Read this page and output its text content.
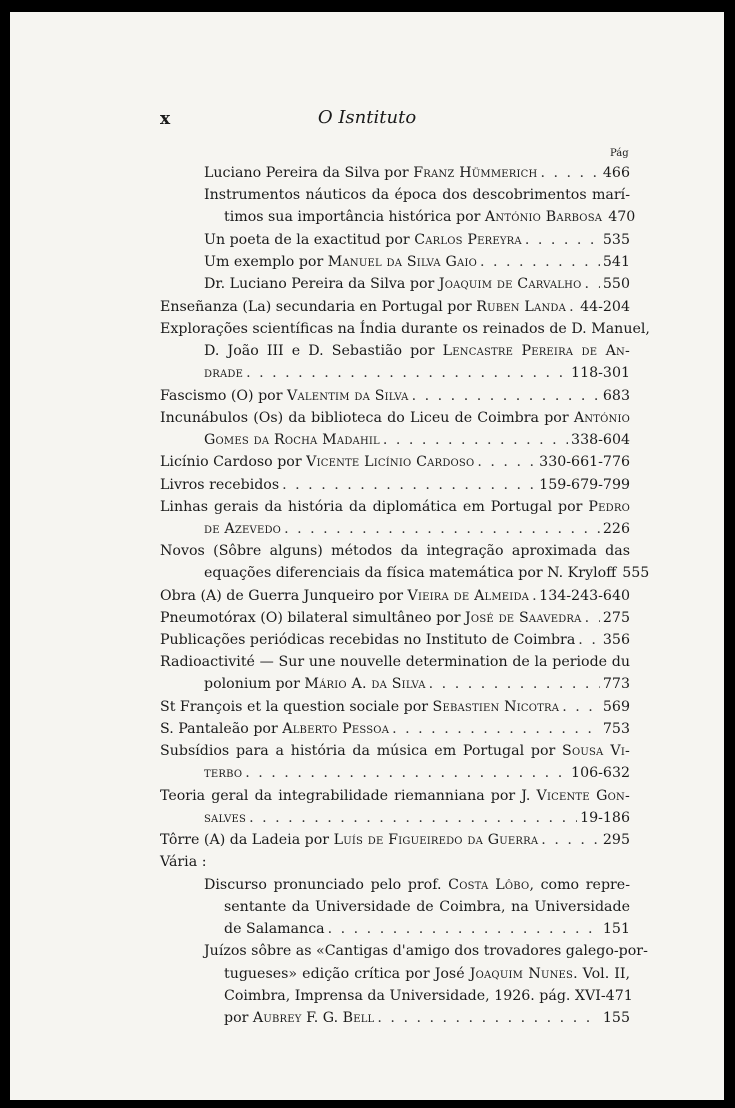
x	O Isntituto
Pág
Luciano Pereira da Silva por Franz Hümmerich . . .	466
Instrumentos náuticos da época dos descobrimentos marí-
timos sua importância histórica por António Barbosa 470
Un poeta de la exactitud por Carlos Pereyra . . .	535
Um exemplo por Manuel da Silva Gaio . . .	541
Dr. Luciano Pereira da Silva por Joaquim de Carvalho . . . 550
Enseñanza (La) secundaria en Portugal por Ruben Landa . . . 44-204
Explorações scientíficas na Índia durante os reinados de D. Manuel,
D. João III e D. Sebastião por Lencastre Pereira de An-
drade . . .	118-301
Fascismo (O) por Valentim da Silva . . .	683
Incunábulos (Os) da biblioteca do Liceu de Coimbra por António
Gomes da Rocha Madahil . . .	338-604
Licínio Cardoso por Vicente Licínio Cardoso . . .	330-661-776
Livros recebidos . . .	159-679-799
Linhas gerais da história da diplomática em Portugal por Pedro
de Azevedo . . .	226
Novos (Sôbre alguns) métodos da integração aproximada das
equações diferenciais da física matemática por N. Kryloff 555
Obra (A) de Guerra Junqueiro por Vieira de Almeida . . . 134-243-640
Pneumotórax (O) bilateral simultâneo por José de Saavedra . . . 275
Publicações periódicas recebidas no Instituto de Coimbra . . . 356
Radioactivité — Sur une nouvelle determination de la periode du
polonium por Mário A. da Silva . . .	773
St François et la question sociale por Sebastien Nicotra . . .	569
S. Pantaleão por Alberto Pessoa . . .	753
Subsídios para a história da música em Portugal por Sousa Vi-
terbo . . .	106-632
Teoria geral da integrabilidade riemanniana por J. Vicente Gon-
salves . . .	19-186
Tôrre (A) da Ladeia por Luís de Figueiredo da Guerra . . .	295
Vária :
Discurso pronunciado pelo prof. Costa Lôbo, como repre-
sentante da Universidade de Coimbra, na Universidade
de Salamanca . . .	151
Juízos sôbre as «Cantigas d'amigo dos trovadores galego-por-
tugueses» edição crítica por José Joaquim Nunes. Vol. II,
Coimbra, Imprensa da Universidade, 1926. pág. XVI-471
por Aubrey F. G. Bell . . .	155
